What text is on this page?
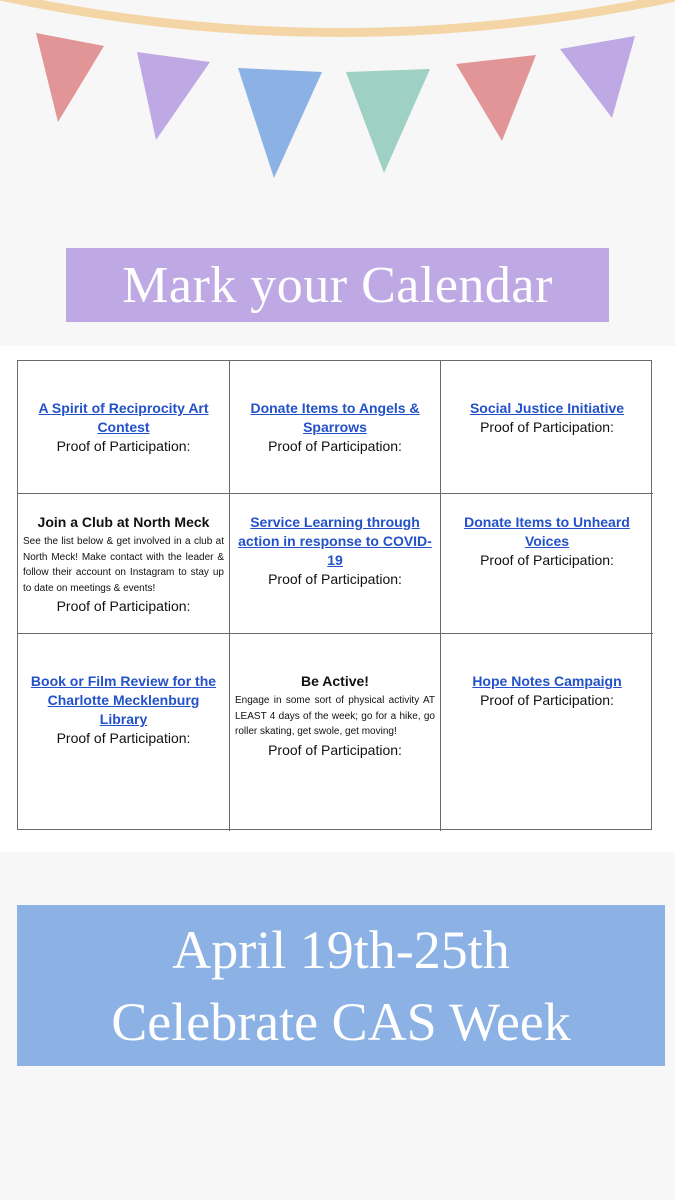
Mark your Calendar
A Spirit of Reciprocity Art Contest
Proof of Participation:
Donate Items to Angels & Sparrows
Proof of Participation:
Social Justice Initiative
Proof of Participation:
Join a Club at North Meck
See the list below & get involved in a club at North Meck! Make contact with the leader & follow their account on Instagram to stay up to date on meetings & events!
Proof of Participation:
Service Learning through action in response to COVID-19
Proof of Participation:
Donate Items to Unheard Voices
Proof of Participation:
Book or Film Review for the Charlotte Mecklenburg Library
Proof of Participation:
Be Active!
Engage in some sort of physical activity AT LEAST 4 days of the week; go for a hike, go roller skating, get swole, get moving!
Proof of Participation:
Hope Notes Campaign
Proof of Participation:
April 19th-25th
Celebrate CAS Week
